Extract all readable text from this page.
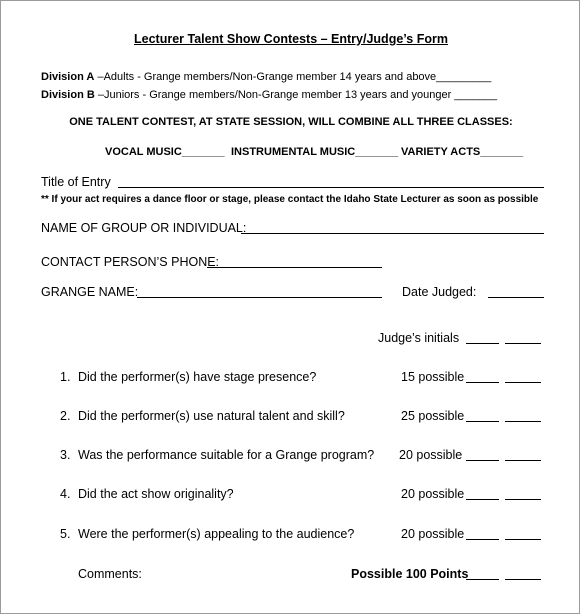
Lecturer Talent Show Contests – Entry/Judge’s Form
Division A –Adults - Grange members/Non-Grange member 14 years and above_________
Division B –Juniors - Grange members/Non-Grange member 13 years and younger _______
ONE TALENT CONTEST, AT STATE SESSION, WILL COMBINE ALL THREE CLASSES:
VOCAL MUSIC_______ INSTRUMENTAL MUSIC_______ VARIETY ACTS_______
Title of Entry
** If your act requires a dance floor or stage, please contact the Idaho State Lecturer as soon as possible
NAME OF GROUP OR INDIVIDUAL:
CONTACT PERSON’S PHONE:
GRANGE NAME:	Date Judged:
Judge’s initials
1. Did the performer(s) have stage presence?	15 possible
2. Did the performer(s) use natural talent and skill?	25 possible
3. Was the performance suitable for a Grange program? 20 possible
4. Did the act show originality?	20 possible
5. Were the performer(s) appealing to the audience?	20 possible
Comments:	Possible 100 Points
